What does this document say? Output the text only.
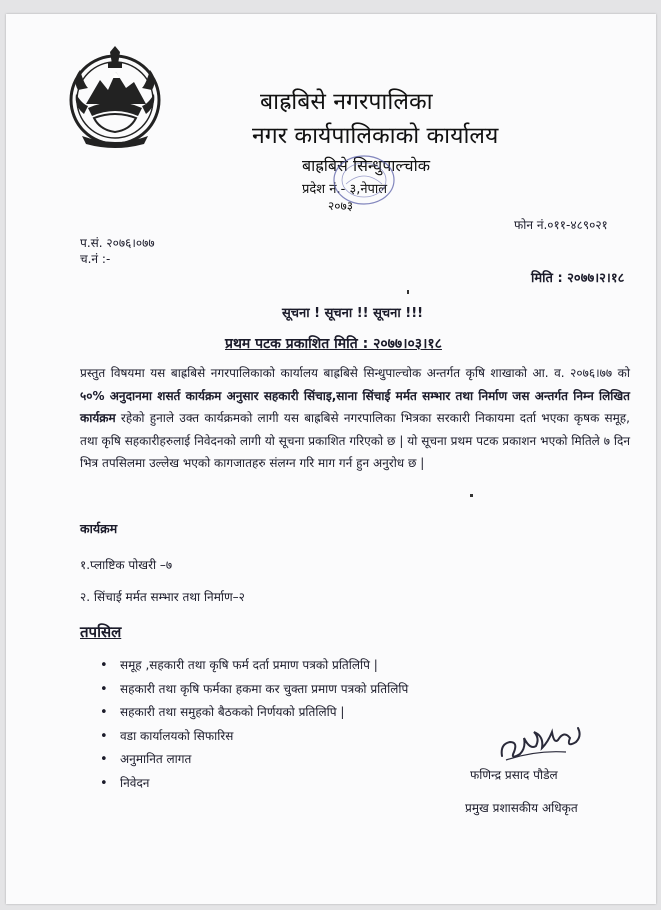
बाह्रबिसे नगरपालिका
नगर कार्यपालिकाको कार्यालय
बाह्रबिसे सिन्धुपाल्चोक
प्रदेश नं.- ३,नेपाल
२०७३
प.सं. २०७६।०७७
च.नं :-
फोन नं.०११-४८९०२१
मिति : २०७७।२।१८
सूचना ! सूचना !! सूचना !!!
प्रथम पटक प्रकाशित मिति : २०७७।०३।१८
प्रस्तुत विषयमा यस बाह्रबिसे नगरपालिकाको कार्यालय बाह्रबिसे सिन्धुपाल्चोक अन्तर्गत कृषि शाखाको आ. व. २०७६।७७ को ५०% अनुदानमा शसर्त कार्यक्रम अनुसार सहकारी सिंचाइ,साना सिंचाई मर्मत सम्भार तथा निर्माण जस अन्तर्गत निम्न लिखित कार्यक्रम रहेको हुनाले उक्त कार्यक्रमको लागी यस बाह्रबिसे नगरपालिका भित्रका सरकारी निकायमा दर्ता भएका कृषक समूह, तथा कृषि सहकारीहरुलाई निवेदनको लागी यो सूचना प्रकाशित गरिएको छ | यो सूचना प्रथम पटक प्रकाशन भएको मितिले ७ दिन भित्र तपसिलमा उल्लेख भएको कागजातहरु संलग्न गरि माग गर्न हुन अनुरोध छ |
कार्यक्रम
१.प्लाष्टिक पोखरी –७
२. सिंचाई मर्मत सम्भार तथा निर्माण–२
तपसिल
• समूह ,सहकारी तथा कृषि फर्म दर्ता प्रमाण पत्रको प्रतिलिपि |
• सहकारी तथा कृषि फर्मका हकमा कर चुक्ता प्रमाण पत्रको प्रतिलिपि
• सहकारी तथा समुहको बैठकको निर्णयको प्रतिलिपि |
• वडा कार्यालयको सिफारिस
• अनुमानित लागत
• निवेदन
फणिन्द्र प्रसाद पौडेल
प्रमुख प्रशासकीय अधिकृत
